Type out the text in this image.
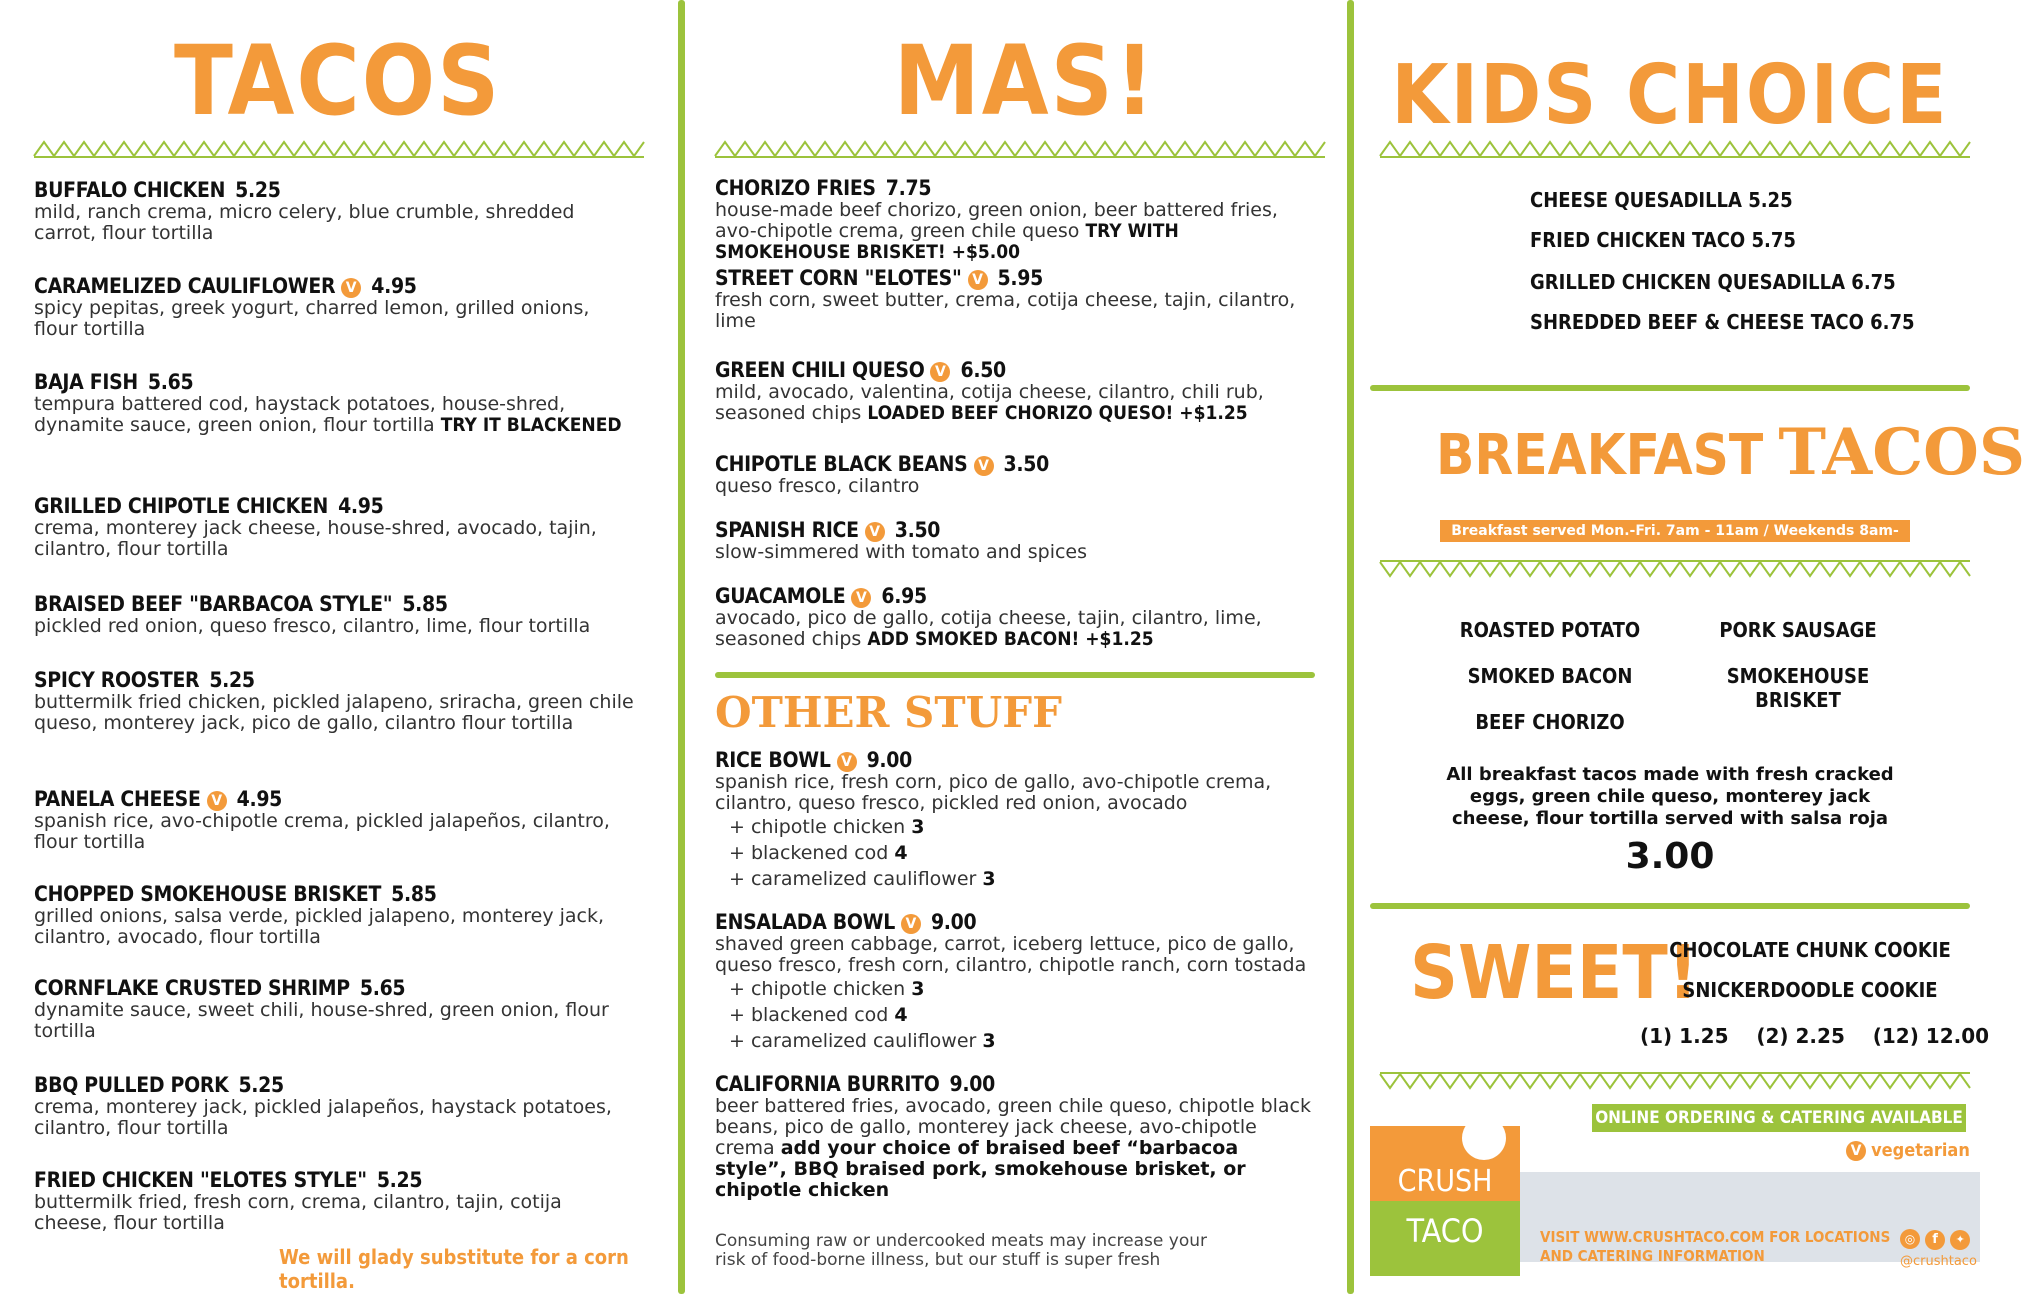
TACOS
BUFFALO CHICKEN 5.25
mild, ranch crema, micro celery, blue crumble, shredded carrot, flour tortilla
CARAMELIZED CAULIFLOWER V 4.95
spicy pepitas, greek yogurt, charred lemon, grilled onions, flour tortilla
BAJA FISH 5.65
tempura battered cod, haystack potatoes, house-shred, dynamite sauce, green onion, flour tortilla TRY IT BLACKENED
GRILLED CHIPOTLE CHICKEN 4.95
crema, monterey jack cheese, house-shred, avocado, tajin, cilantro, flour tortilla
BRAISED BEEF "BARBACOA STYLE" 5.85
pickled red onion, queso fresco, cilantro, lime, flour tortilla
SPICY ROOSTER 5.25
buttermilk fried chicken, pickled jalapeno, sriracha, green chile queso, monterey jack, pico de gallo, cilantro flour tortilla
PANELA CHEESE V 4.95
spanish rice, avo-chipotle crema, pickled jalapeños, cilantro, flour tortilla
CHOPPED SMOKEHOUSE BRISKET 5.85
grilled onions, salsa verde, pickled jalapeno, monterey jack, cilantro, avocado, flour tortilla
CORNFLAKE CRUSTED SHRIMP 5.65
dynamite sauce, sweet chili, house-shred, green onion, flour tortilla
BBQ PULLED PORK 5.25
crema, monterey jack, pickled jalapeños, haystack potatoes, cilantro, flour tortilla
FRIED CHICKEN "ELOTES STYLE" 5.25
buttermilk fried, fresh corn, crema, cilantro, tajin, cotija cheese, flour tortilla
We will glady substitute for a corn tortilla.
MAS!
CHORIZO FRIES 7.75
house-made beef chorizo, green onion, beer battered fries, avo-chipotle crema, green chile queso TRY WITH SMOKEHOUSE BRISKET! +$5.00
STREET CORN "ELOTES" V 5.95
fresh corn, sweet butter, crema, cotija cheese, tajin, cilantro, lime
GREEN CHILI QUESO V 6.50
mild, avocado, valentina, cotija cheese, cilantro, chili rub, seasoned chips LOADED BEEF CHORIZO QUESO! +$1.25
CHIPOTLE BLACK BEANS V 3.50
queso fresco, cilantro
SPANISH RICE V 3.50
slow-simmered with tomato and spices
GUACAMOLE V 6.95
avocado, pico de gallo, cotija cheese, tajin, cilantro, lime, seasoned chips ADD SMOKED BACON! +$1.25
OTHER STUFF
RICE BOWL V 9.00
spanish rice, fresh corn, pico de gallo, avo-chipotle crema, cilantro, queso fresco, pickled red onion, avocado
+ chipotle chicken 3
+ blackened cod 4
+ caramelized cauliflower 3
ENSALADA BOWL V 9.00
shaved green cabbage, carrot, iceberg lettuce, pico de gallo, queso fresco, fresh corn, cilantro, chipotle ranch, corn tostada
+ chipotle chicken 3
+ blackened cod 4
+ caramelized cauliflower 3
CALIFORNIA BURRITO 9.00
beer battered fries, avocado, green chile queso, chipotle black beans, pico de gallo, monterey jack cheese, avo-chipotle crema add your choice of braised beef “barbacoa style”, BBQ braised pork, smokehouse brisket, or chipotle chicken
Consuming raw or undercooked meats may increase your risk of food-borne illness, but our stuff is super fresh
KIDS CHOICE
CHEESE QUESADILLA 5.25
FRIED CHICKEN TACO 5.75
GRILLED CHICKEN QUESADILLA 6.75
SHREDDED BEEF & CHEESE TACO 6.75
BREAKFAST TACOS
Breakfast served Mon.-Fri. 7am - 11am / Weekends 8am-3pm
ROASTED POTATO	PORK SAUSAGE
SMOKED BACON	SMOKEHOUSE BRISKET
BEEF CHORIZO
All breakfast tacos made with fresh cracked eggs, green chile queso, monterey jack cheese, flour tortilla served with salsa roja
3.00
SWEET!
CHOCOLATE CHUNK COOKIE
SNICKERDOODLE COOKIE
(1) 1.25    (2) 2.25    (12) 12.00
ONLINE ORDERING & CATERING AVAILABLE
V vegetarian
CRUSH
TACO	VISIT WWW.CRUSHTACO.COM FOR LOCATIONS AND CATERING INFORMATION
◎ f ✦
@crushtaco
